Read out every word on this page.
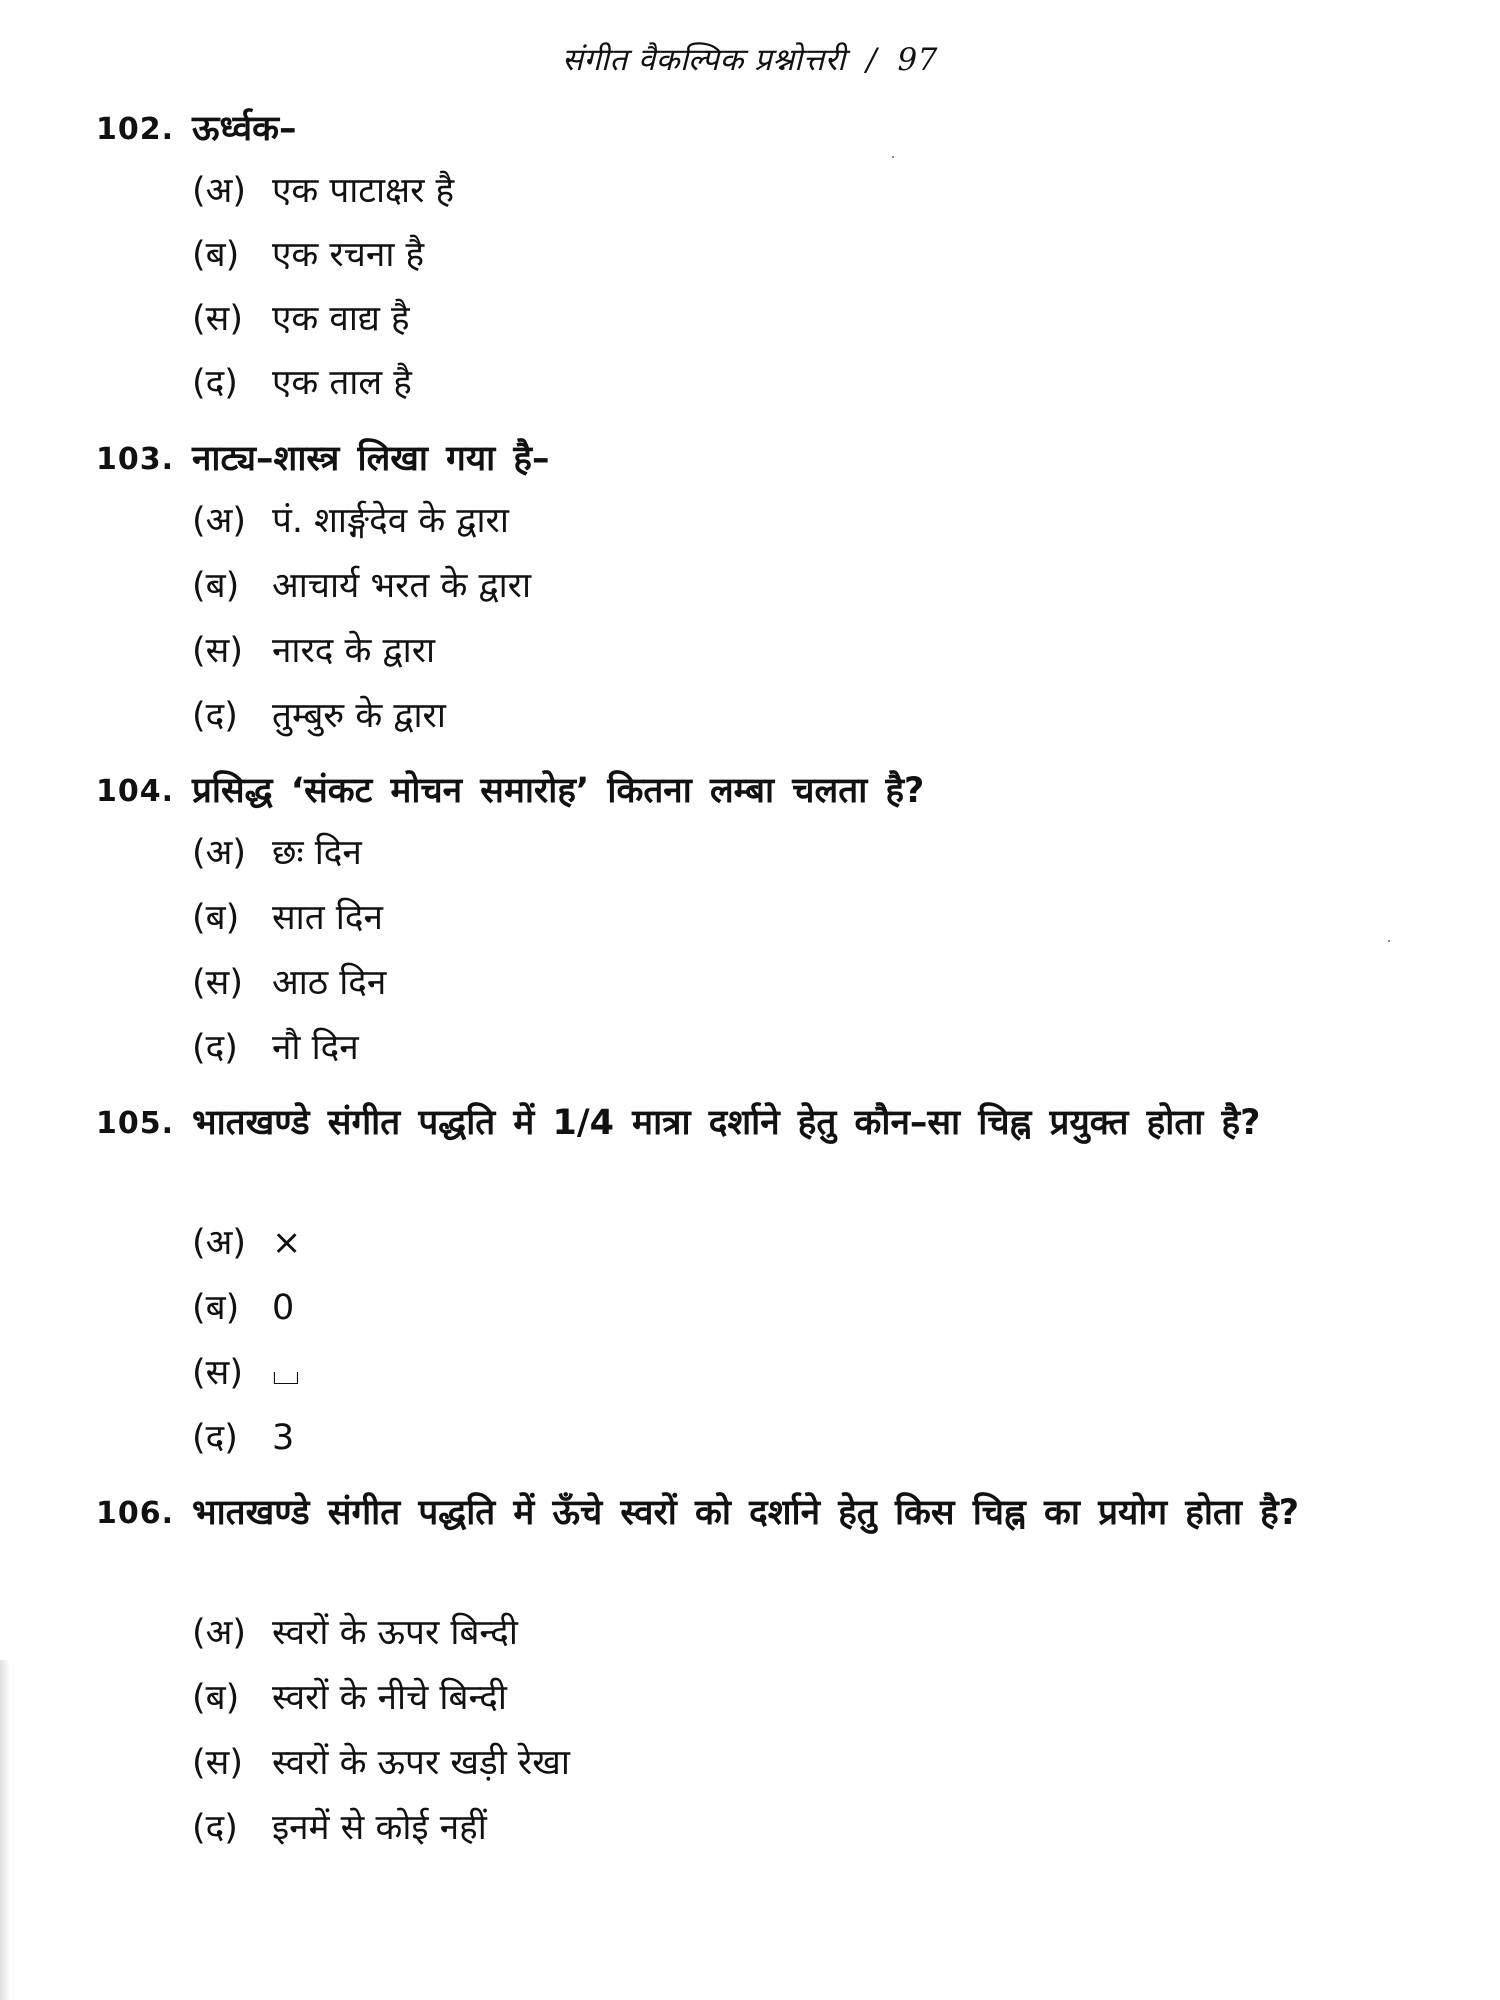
संगीत वैकल्पिक प्रश्नोत्तरी / 97
102. ऊर्ध्वक–
(अ) एक पाटाक्षर है
(ब) एक रचना है
(स) एक वाद्य है
(द) एक ताल है
103. नाट्य–शास्त्र लिखा गया है–
(अ) पं. शार्ङ्गदेव के द्वारा
(ब) आचार्य भरत के द्वारा
(स) नारद के द्वारा
(द) तुम्बुरु के द्वारा
104. प्रसिद्ध ‘संकट मोचन समारोह’ कितना लम्बा चलता है?
(अ) छः दिन
(ब) सात दिन
(स) आठ दिन
(द) नौ दिन
105. भातखण्डे संगीत पद्धति में 1/4 मात्रा दर्शाने हेतु कौन–सा चिह्न प्रयुक्त होता है?
(अ) ×
(ब) 0
(स) ⌴
(द) 3
106. भातखण्डे संगीत पद्धति में ऊँचे स्वरों को दर्शाने हेतु किस चिह्न का प्रयोग होता है?
(अ) स्वरों के ऊपर बिन्दी
(ब) स्वरों के नीचे बिन्दी
(स) स्वरों के ऊपर खड़ी रेखा
(द) इनमें से कोई नहीं
